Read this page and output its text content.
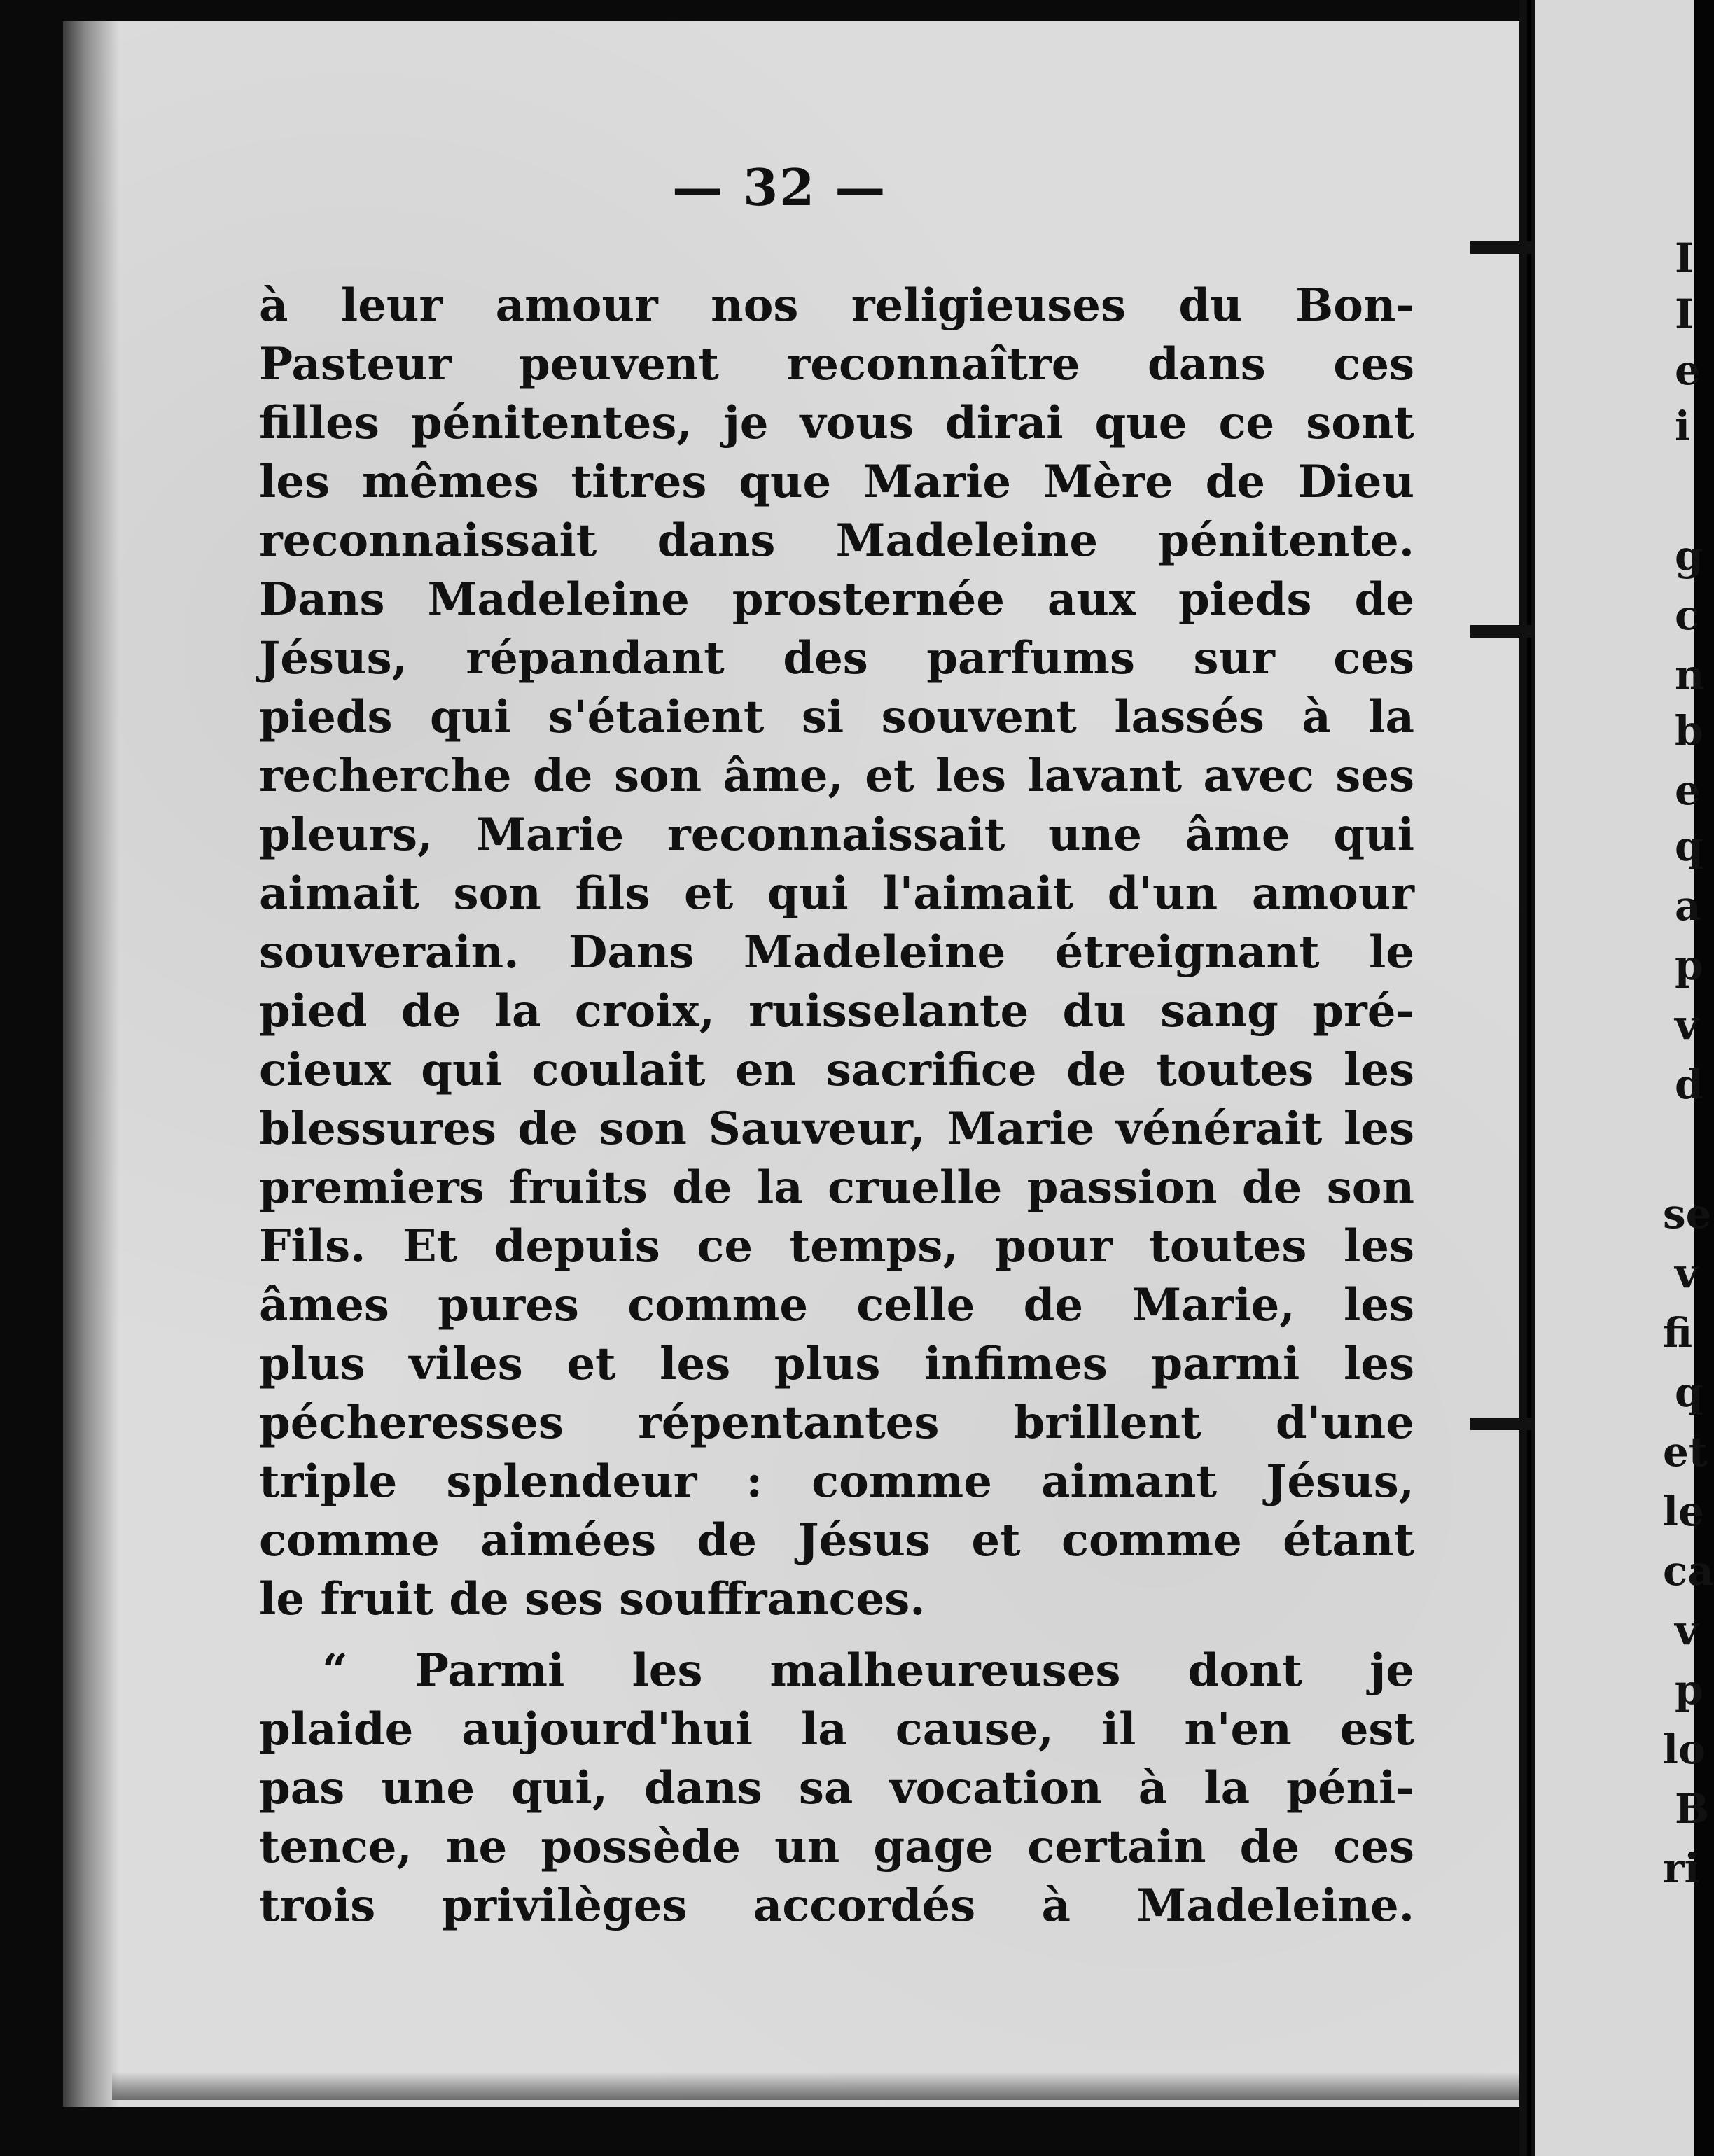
I
I
e
i
g
c
n
b
e
q
a
p
v
d
se
v
fi
q
et
le
ca
v
p
lo
B
ri
— 32 —
à leur amour nos religieuses du Bon-
Pasteur peuvent reconnaître dans ces
filles pénitentes, je vous dirai que ce sont
les mêmes titres que Marie Mère de Dieu
reconnaissait dans Madeleine pénitente.
Dans Madeleine prosternée aux pieds de
Jésus, répandant des parfums sur ces
pieds qui s'étaient si souvent lassés à la
recherche de son âme, et les lavant avec ses
pleurs, Marie reconnaissait une âme qui
aimait son fils et qui l'aimait d'un amour
souverain. Dans Madeleine étreignant le
pied de la croix, ruisselante du sang pré-
cieux qui coulait en sacrifice de toutes les
blessures de son Sauveur, Marie vénérait les
premiers fruits de la cruelle passion de son
Fils. Et depuis ce temps, pour toutes les
âmes pures comme celle de Marie, les
plus viles et les plus infimes parmi les
pécheresses répentantes brillent d'une
triple splendeur : comme aimant Jésus,
comme aimées de Jésus et comme étant
le fruit de ses souffrances.
“ Parmi les malheureuses dont je
plaide aujourd'hui la cause, il n'en est
pas une qui, dans sa vocation à la péni-
tence, ne possède un gage certain de ces
trois privilèges accordés à Madeleine.
